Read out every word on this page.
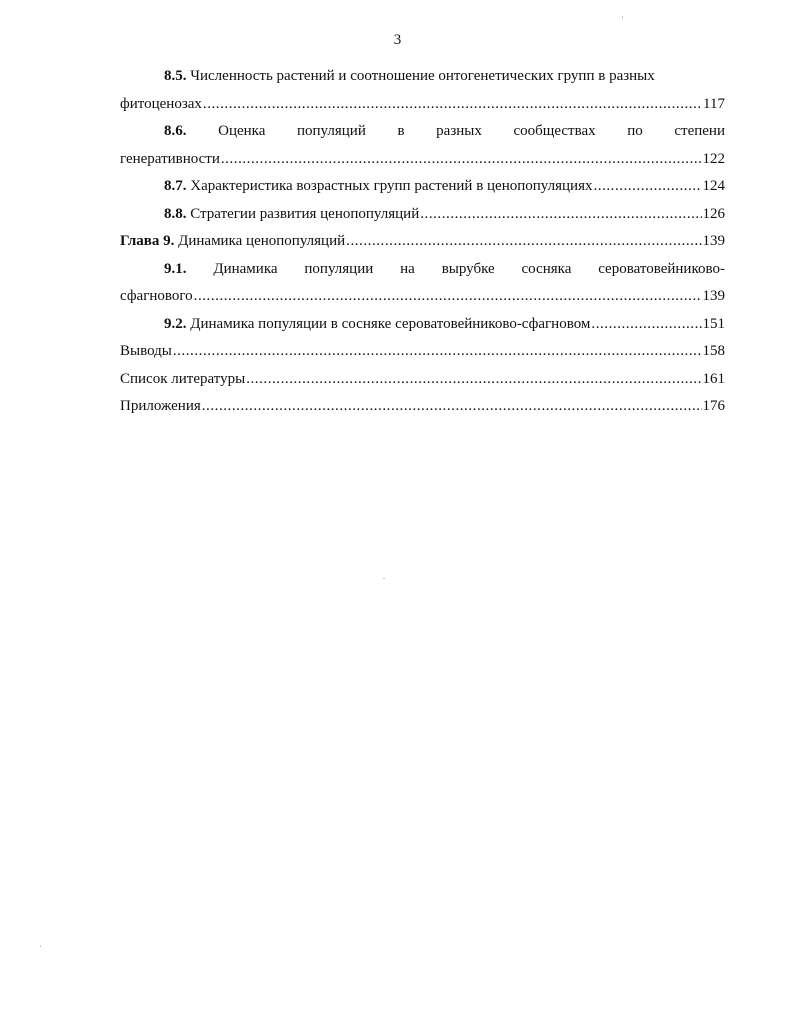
3
8.5.
Численность растений и соотношение онтогенетических групп в разных
фитоценозах . . .	117
8.6. Оценка популяций в разных сообществах по степени
генеративности . . .	122
8.7.
Характеристика возрастных групп растений в ценопопуляциях . . .	124
8.8.
Стратегии развития ценопопуляций . . .	126
Глава 9.
Динамика ценопопуляций . . .	139
9.1. Динамика популяции на вырубке сосняка сероватовейниково-
сфагнового . . .	139
9.2.
Динамика популяции в сосняке сероватовейниково-сфагновом . . .	151
Выводы . . .	158
Список литературы . . .	161
Приложения . . .	176
